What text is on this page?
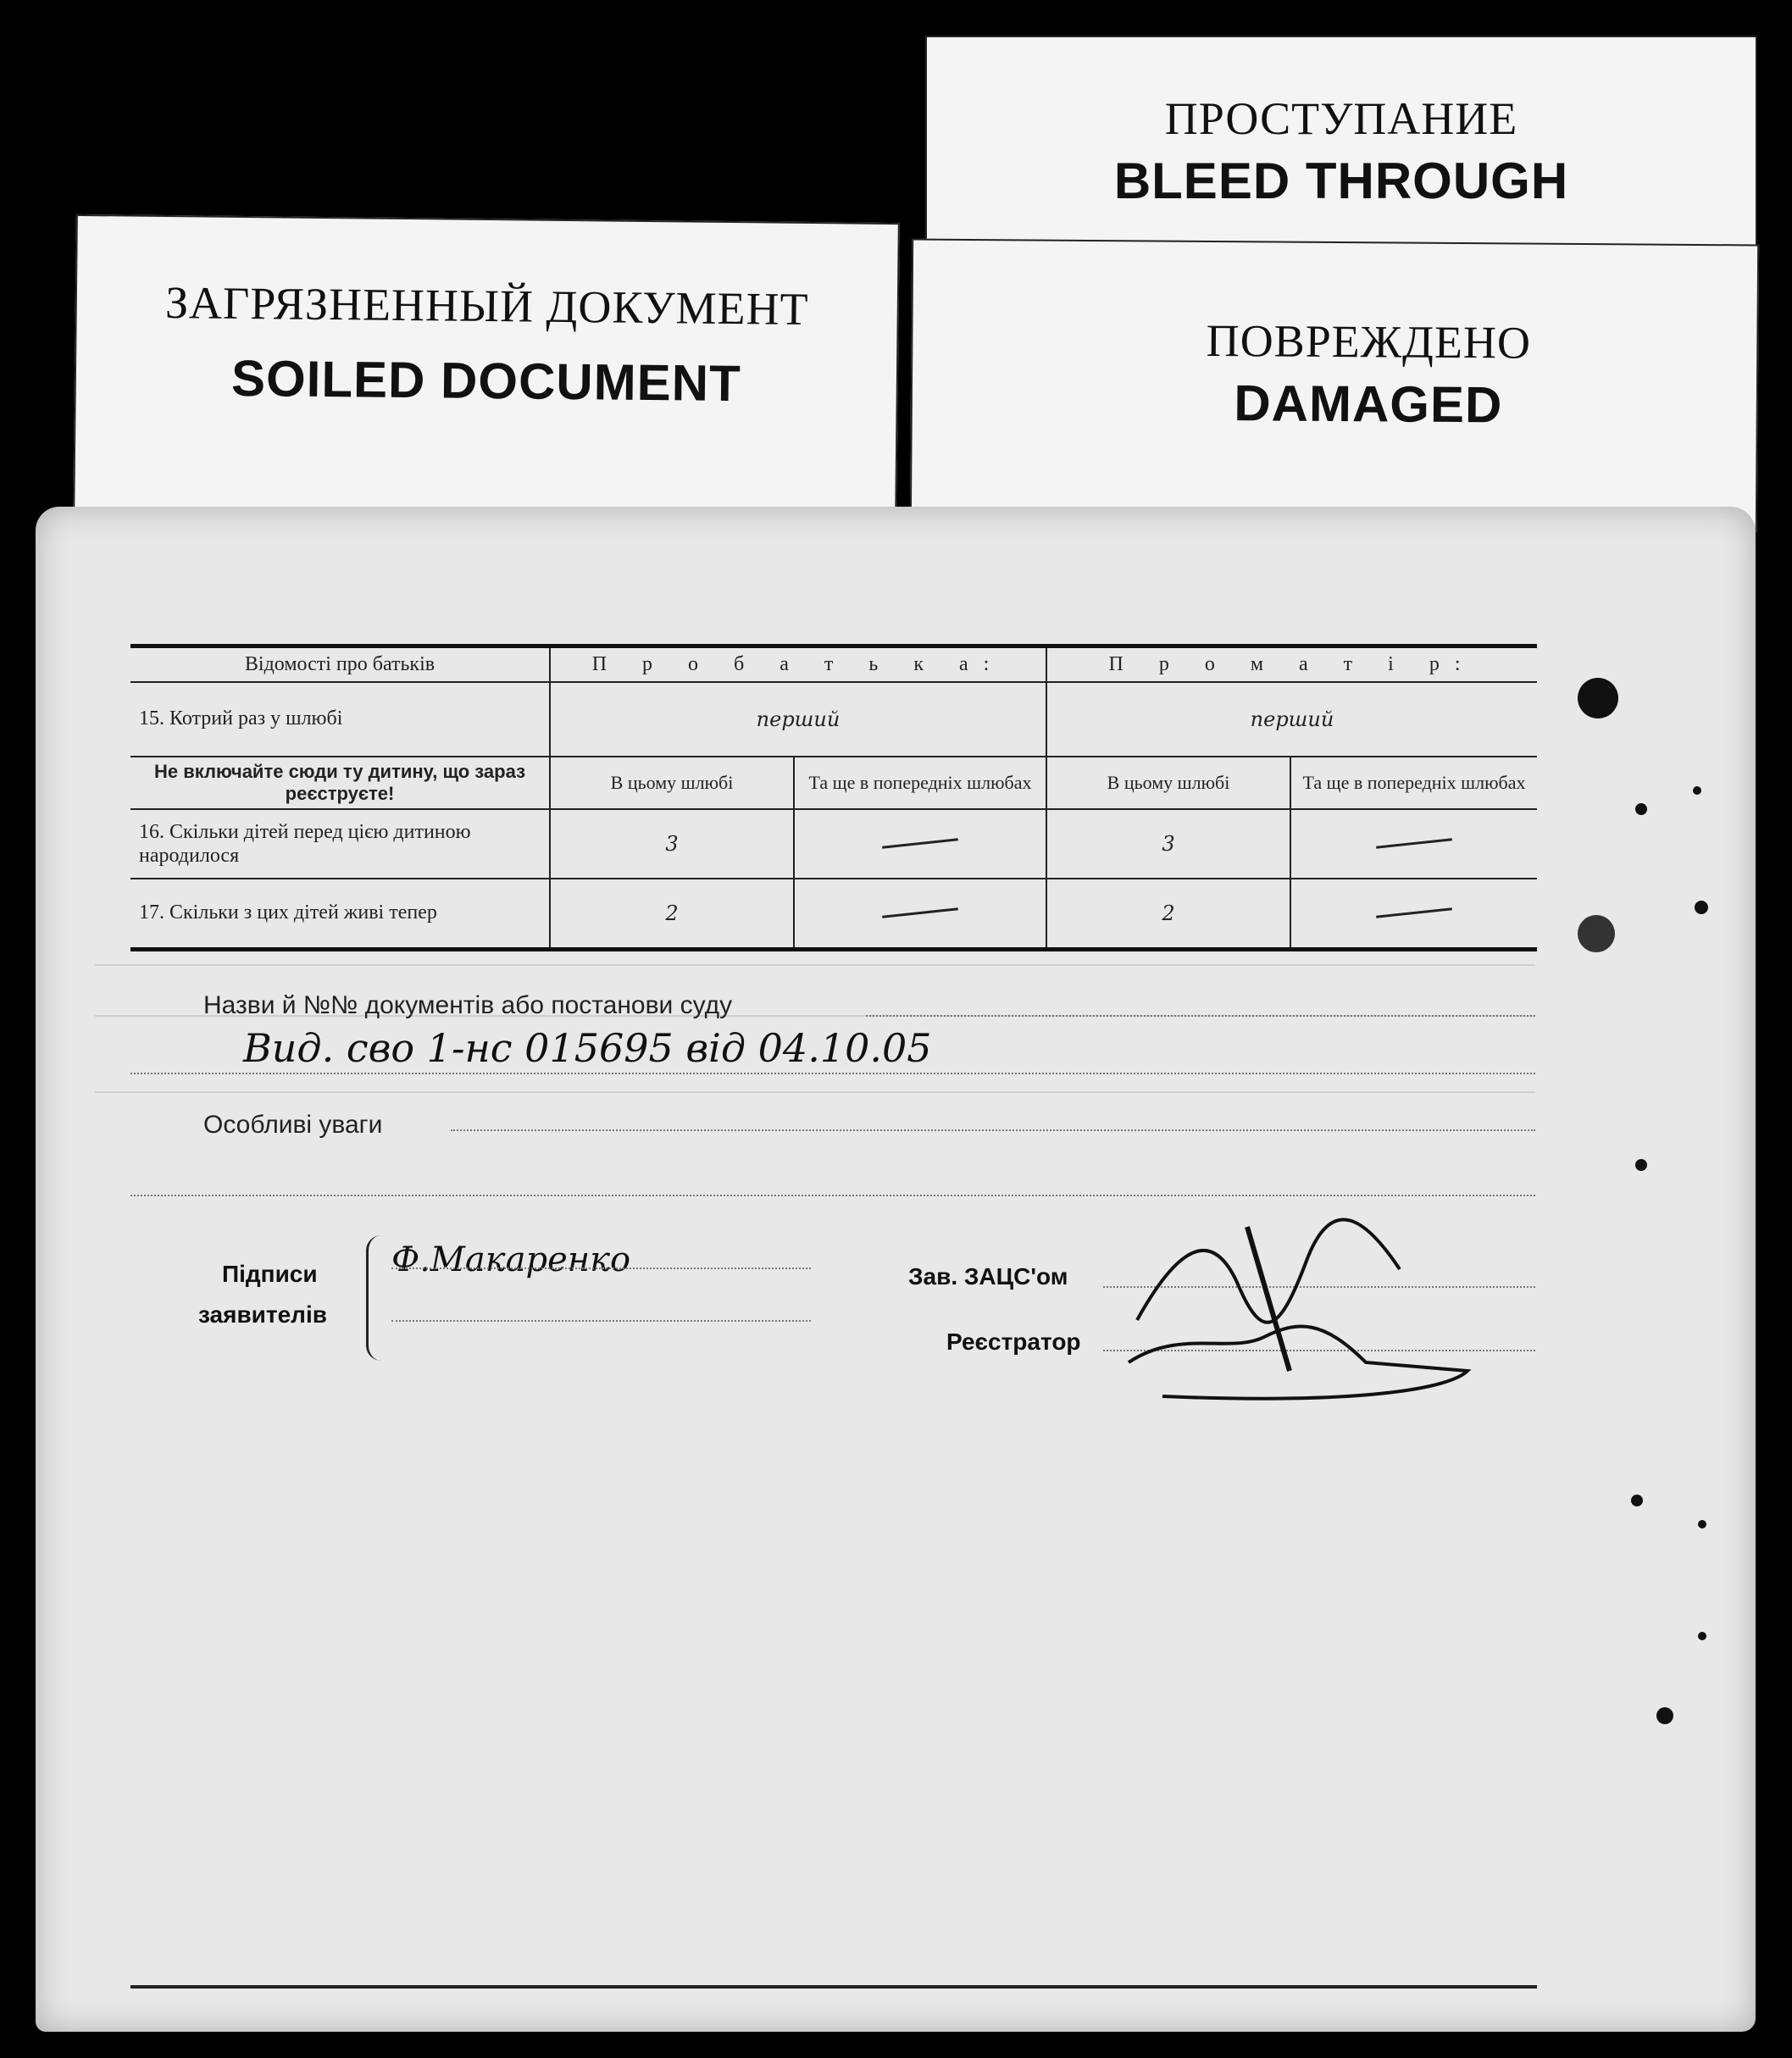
ЗАГРЯЗНЕННЫЙ ДОКУМЕНТ
SOILED DOCUMENT
ПРОСТУПАНИЕ
BLEED THROUGH
ПОВРЕЖДЕНО
DAMAGED
Відомості про батьків	П р о б а т ь к а:		П р о м а т і р:	
15. Котрий раз у шлюбі	перший		перший	
Не включайте сюди ту дитину, що зараз реєструєте!	В цьому шлюбі	Та ще в попередніх шлюбах	В цьому шлюбі	Та ще в попередніх шлюбах
16. Скільки дітей перед цією дитиною народилося	3		3	

17. Скільки з цих дітей живі тепер	2		2	
Назви й №№ документів або постанови суду
Вид. сво 1-нс 015695 від 04.10.05
Особливі уваги
Підписи
заявителів
Ф.Макаренко	Зав. ЗАЦС'ом
Реєстратор
